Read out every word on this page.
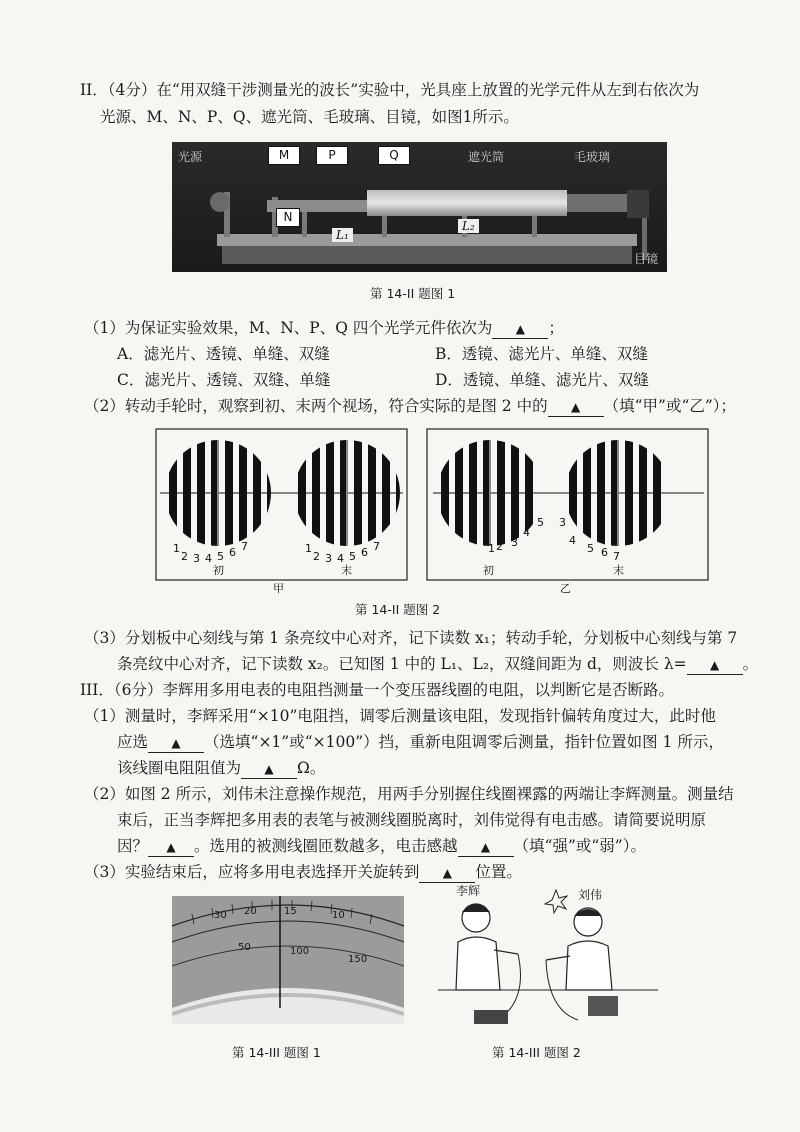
II．（4分）在“用双缝干涉测量光的波长”实验中，光具座上放置的光学元件从左到右依次为
光源、M、N、P、Q、遮光筒、毛玻璃、目镜，如图1所示。
光源	遮光筒	毛玻璃
目镜
L₁
L₂
M	P	Q
N
第 14-II 题图 1
（1）为保证实验效果，M、N、P、Q 四个光学元件依次为 ▲ ；
A．滤光片、透镜、单缝、双缝	B．透镜、滤光片、单缝、双缝
C．滤光片、透镜、双缝、单缝	D．透镜、单缝、滤光片、双缝
（2）转动手轮时，观察到初、末两个视场，符合实际的是图 2 中的 ▲ （填“甲”或“乙”）；
1
2 3 4 5 6 7	1
2 3 4 5 6 7	1 2 3
4
5 3
4
5 6 7
初	末	初	末
甲	乙
第 14-II 题图 2
（3）分划板中心刻线与第 1 条亮纹中心对齐，记下读数 x₁；转动手轮，分划板中心刻线与第 7
条亮纹中心对齐，记下读数 x₂。已知图 1 中的 L₁、L₂，双缝间距为 d，则波长 λ= ▲ 。
III．（6分）李辉用多用电表的电阻挡测量一个变压器线圈的电阻，以判断它是否断路。
（1）测量时，李辉采用“×10”电阻挡，调零后测量该电阻，发现指针偏转角度过大，此时他
应选 ▲ （选填“×1”或“×100”）挡，重新电阻调零后测量，指针位置如图 1 所示，
该线圈电阻阻值为 ▲ Ω。
（2）如图 2 所示，刘伟未注意操作规范，用两手分别握住线圈裸露的两端让李辉测量。测量结
束后，正当李辉把多用表的表笔与被测线圈脱离时，刘伟觉得有电击感。请简要说明原
因？ ▲ 。选用的被测线圈匝数越多，电击感越 ▲ （填“强”或“弱”）。
（3）实验结束后，应将多用电表选择开关旋转到 ▲ 位置。
30 20	15	10
50	100
150
第 14-III 题图 1
李辉	刘伟
第 14-III 题图 2
